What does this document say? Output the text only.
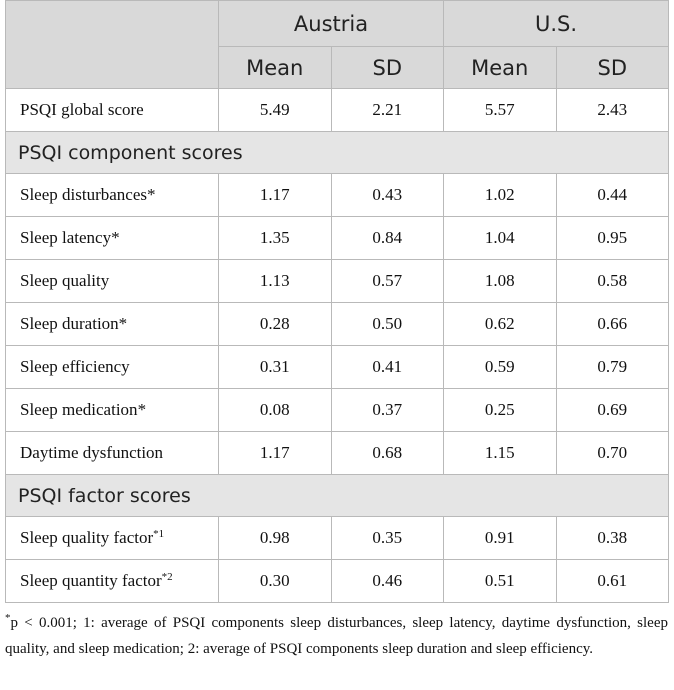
	Austria		U.S.	
	Mean	SD	Mean	SD
PSQI global score	5.49	2.21	5.57	2.43
PSQI component scores				
Sleep disturbances*	1.17	0.43	1.02	0.44
Sleep latency*	1.35	0.84	1.04	0.95
Sleep quality	1.13	0.57	1.08	0.58
Sleep duration*	0.28	0.50	0.62	0.66
Sleep efficiency	0.31	0.41	0.59	0.79
Sleep medication*	0.08	0.37	0.25	0.69
Daytime dysfunction	1.17	0.68	1.15	0.70
PSQI factor scores				
Sleep quality factor$^{*1}$	0.98	0.35	0.91	0.38
Sleep quantity factor$^{*2}$	0.30	0.46	0.51	0.61
*p < 0.001; 1: average of PSQI components sleep disturbances, sleep latency, daytime dysfunction, sleep quality, and sleep medication; 2: average of PSQI components sleep duration and sleep efficiency.
